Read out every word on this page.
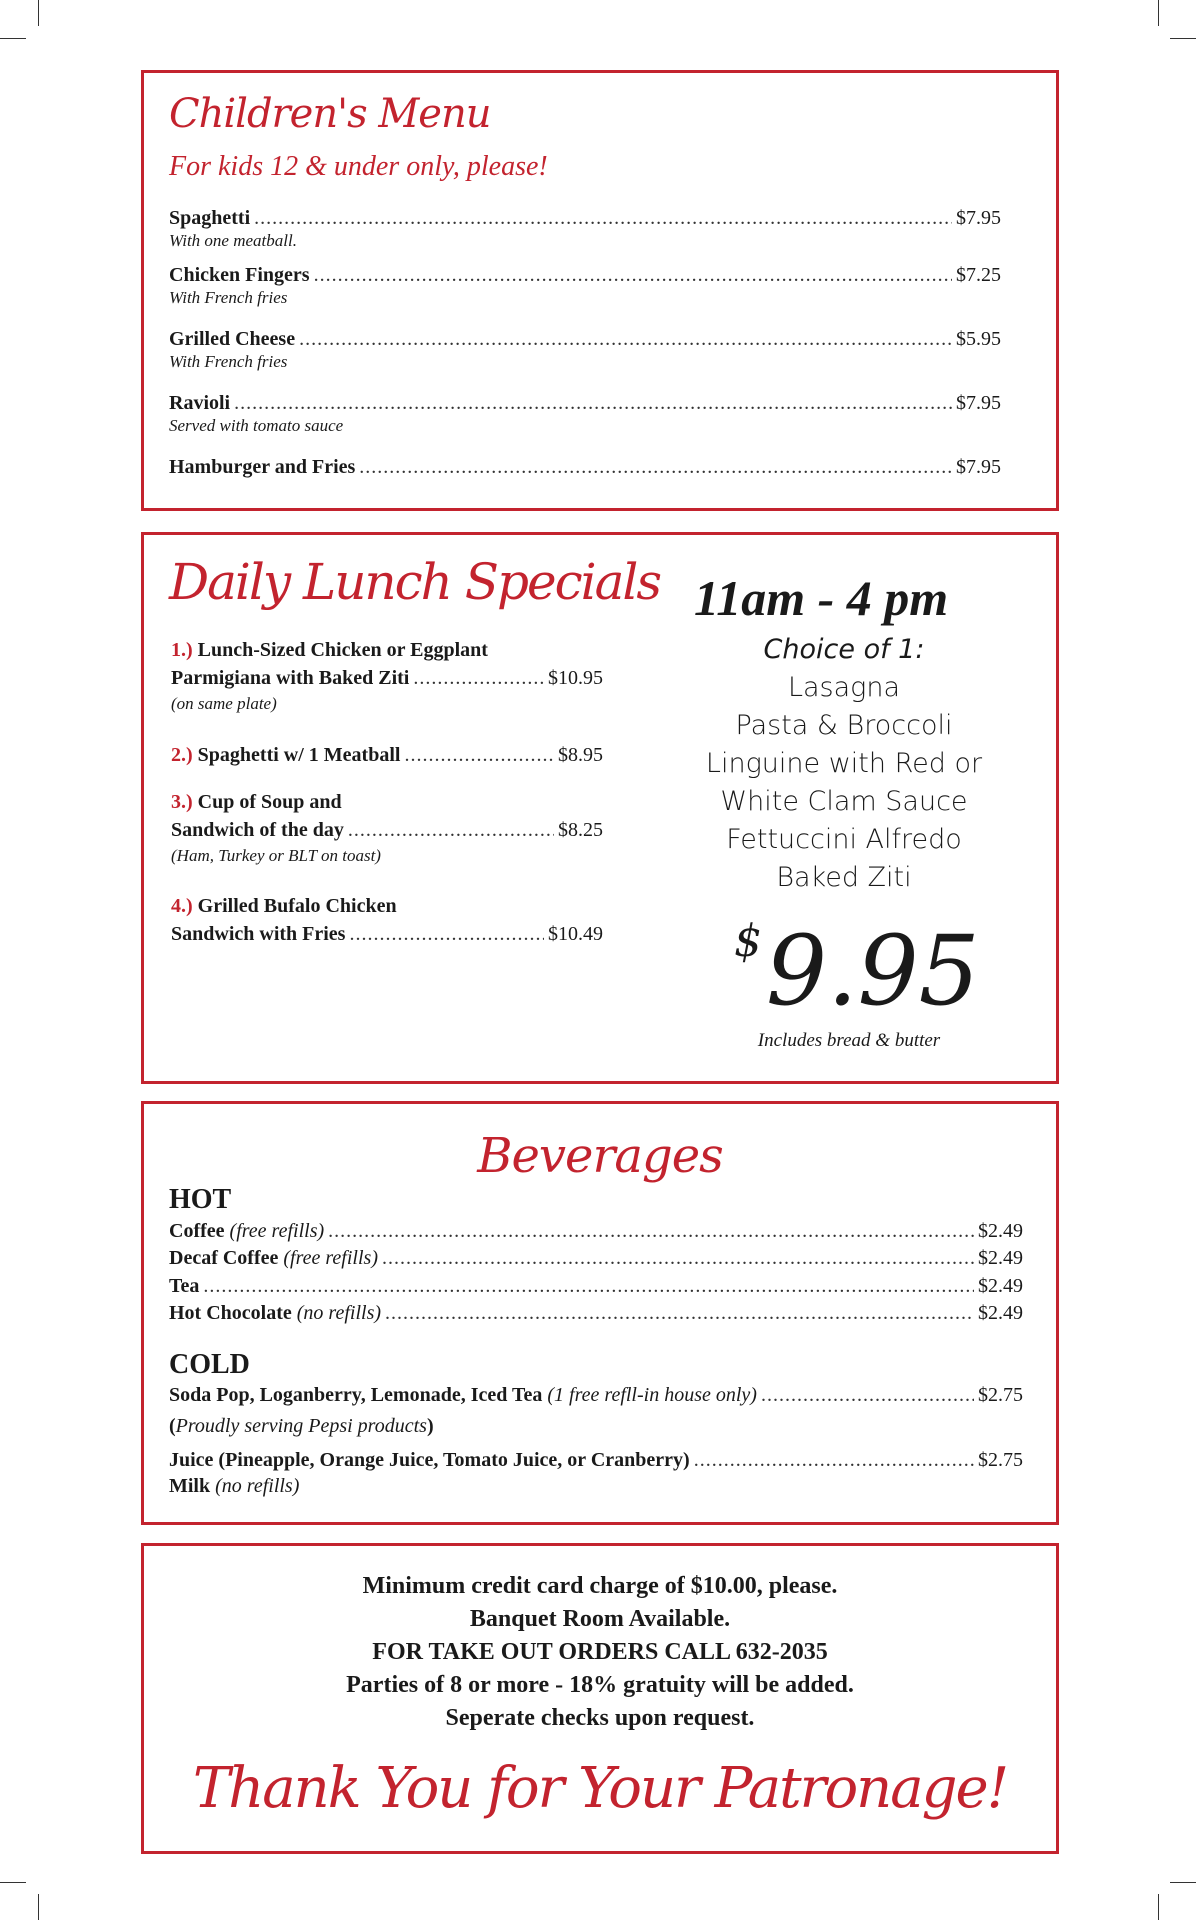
Children's Menu
For kids 12 & under only, please!
Spaghetti .....	$7.95
With one meatball.
Chicken Fingers .....	$7.25
With French fries
Grilled Cheese .....	$5.95
With French fries
Ravioli .....	$7.95
Served with tomato sauce
Hamburger and Fries .....	$7.95
Daily Lunch Specials
1.) Lunch-Sized Chicken or Eggplant
Parmigiana with Baked Ziti .....	$10.95
(on same plate)
2.) Spaghetti w/ 1 Meatball .....	$8.95
3.) Cup of Soup and
Sandwich of the day .....	$8.25
(Ham, Turkey or BLT on toast)
4.) Grilled Bufalo Chicken
Sandwich with Fries .....	$10.49
11am - 4 pm
Choice of 1:
Lasagna
Pasta & Broccoli
Linguine with Red or
White Clam Sauce
Fettuccini Alfredo
Baked Ziti
$9.95
Includes bread & butter
Beverages
HOT
Coffee (free refills) .....	$2.49
Decaf Coffee (free refills) .....	$2.49
Tea .....	$2.49
Hot Chocolate (no refills) .....	$2.49
COLD
Soda Pop, Loganberry, Lemonade, Iced Tea (1 free refll-in house only) .....	$2.75
(Proudly serving Pepsi products)
Juice (Pineapple, Orange Juice, Tomato Juice, or Cranberry) .....	$2.75
Milk (no refills)
Minimum credit card charge of $10.00, please.
Banquet Room Available.
FOR TAKE OUT ORDERS CALL 632-2035
Parties of 8 or more - 18% gratuity will be added.
Seperate checks upon request.
Thank You for Your Patronage!
